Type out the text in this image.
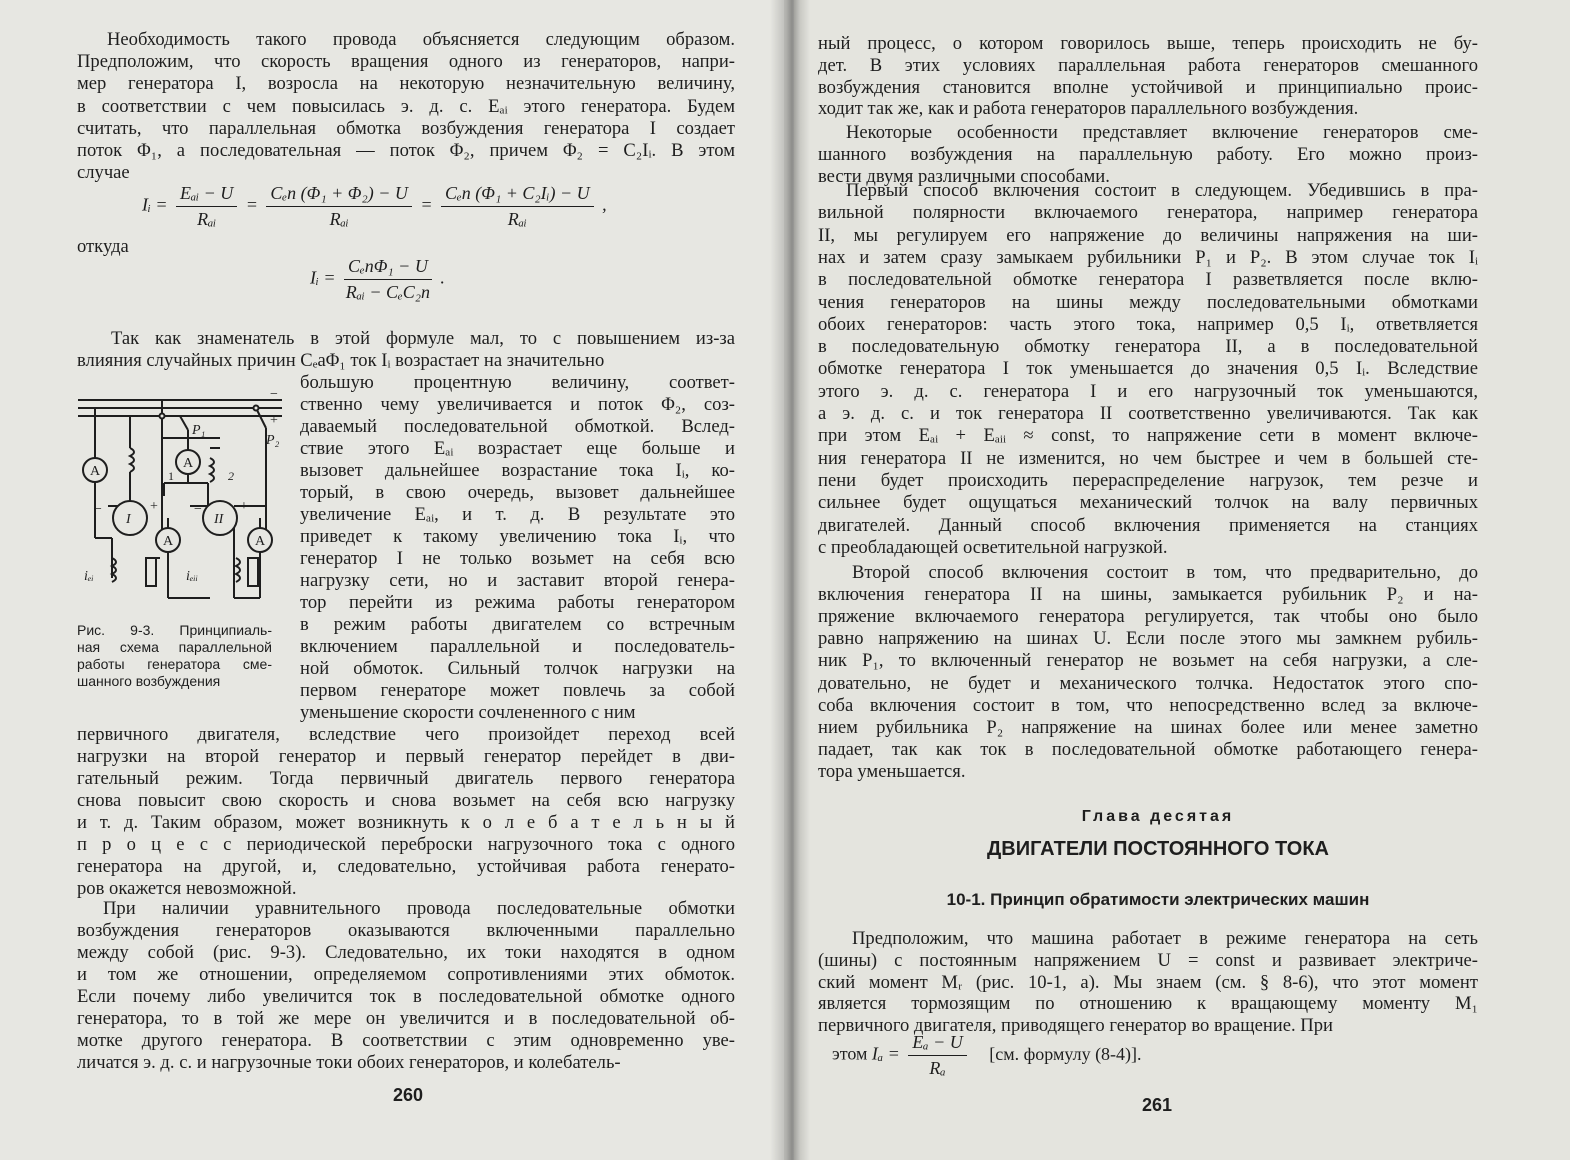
Iᵢ = $\frac{\text{Eₐᵢ − U}}{\text{Rₐᵢ}} = \frac{\text{Cₑn (Φ₁ + Φ₂) − U}}{\text{Rₐᵢ}} = \frac{\text{Cₑn (Φ₁ + C₂Iᵢ) − U}}{\text{Rₐᵢ}}$ ,
откуда
Iᵢ = $\frac{\text{CₑnΦ₁ − U}}{\text{Rₐᵢ − CₑC₂n}}$ .
−
+
P₁
P₂
A
A
A	A
I	II
1	2
−	+	−	+
iₑᵢ	iₑᵢᵢ
этом $I_a = \frac{\text{Eₐ − U}}{\text{Rₐ}} [см$. формулу (8-4)].
Глава десятая
ДВИГАТЕЛИ ПОСТОЯННОГО ТОКА
10-1. Принцип обратимости электрических машин
260	261
Необходимость такого провода объясняется следующим образом.
Предположим, что скорость вращения одного из генераторов, напри-
мер генератора I, возросла на некоторую незначительную величину,
в соответствии с чем повысилась э. д. с. Eₐᵢ этого генератора. Будем
считать, что параллельная обмотка возбуждения генератора I создает
поток Φ₁, а последовательная — поток Φ₂, причем Φ₂ = C₂Iᵢ. В этом
случае
Так как знаменатель в этой формуле мал, то с повышением из-за
влияния случайных причин CₑaΦ₁ ток Iᵢ возрастает на значительно
большую процентную величину, соответ-
ственно чему увеличивается и поток Φ₂, соз-
даваемый последовательной обмоткой. Вслед-
ствие этого Eₐᵢ возрастает еще больше и
вызовет дальнейшее возрастание тока Iᵢ, ко-
торый, в свою очередь, вызовет дальнейшее
увеличение Eₐᵢ, и т. д. В результате это
приведет к такому увеличению тока Iᵢ, что
генератор I не только возьмет на себя всю
нагрузку сети, но и заставит второй генера-
тор перейти из режима работы генератором
в режим работы двигателем со встречным
включением параллельной и последователь-
ной обмоток. Сильный толчок нагрузки на
первом генераторе может повлечь за собой
уменьшение скорости сочлененного с ним
первичного двигателя, вследствие чего произойдет переход всей
нагрузки на второй генератор и первый генератор перейдет в дви-
гательный режим. Тогда первичный двигатель первого генератора
снова повысит свою скорость и снова возьмет на себя всю нагрузку
и т. д. Таким образом, может возникнуть к о л е б а т е л ь н ы й
п р о ц е с с периодической переброски нагрузочного тока с одного
генератора на другой, и, следовательно, устойчивая работа генерато-
ров окажется невозможной.
При наличии уравнительного провода последовательные обмотки
возбуждения генераторов оказываются включенными параллельно
между собой (рис. 9-3). Следовательно, их токи находятся в одном
и том же отношении, определяемом сопротивлениями этих обмоток.
Если почему либо увеличится ток в последовательной обмотке одного
генератора, то в той же мере он увеличится и в последовательной об-
мотке другого генератора. В соответствии с этим одновременно уве-
личатся э. д. с. и нагрузочные токи обоих генераторов, и колебатель-
Рис. 9-3. Принципиаль-
ная схема параллельной
работы генератора сме-
шанного возбуждения
ный процесс, о котором говорилось выше, теперь происходить не бу-
дет. В этих условиях параллельная работа генераторов смешанного
возбуждения становится вполне устойчивой и принципиально проис-
ходит так же, как и работа генераторов параллельного возбуждения.
Некоторые особенности представляет включение генераторов сме-
шанного возбуждения на параллельную работу. Его можно произ-
вести двумя различными способами.
Первый способ включения состоит в следующем. Убедившись в пра-
вильной полярности включаемого генератора, например генератора
II, мы регулируем его напряжение до величины напряжения на ши-
нах и затем сразу замыкаем рубильники P₁ и P₂. В этом случае ток Iᵢ
в последовательной обмотке генератора I разветвляется после вклю-
чения генераторов на шины между последовательными обмотками
обоих генераторов: часть этого тока, например 0,5 Iᵢ, ответвляется
в последовательную обмотку генератора II, а в последовательной
обмотке генератора I ток уменьшается до значения 0,5 Iᵢ. Вследствие
этого э. д. с. генератора I и его нагрузочный ток уменьшаются,
а э. д. с. и ток генератора II соответственно увеличиваются. Так как
при этом Eₐᵢ + Eₐᵢᵢ ≈ const, то напряжение сети в момент включе-
ния генератора II не изменится, но чем быстрее и чем в большей сте-
пени будет происходить перераспределение нагрузок, тем резче и
сильнее будет ощущаться механический толчок на валу первичных
двигателей. Данный способ включения применяется на станциях
с преобладающей осветительной нагрузкой.
Второй способ включения состоит в том, что предварительно, до
включения генератора II на шины, замыкается рубильник P₂ и на-
пряжение включаемого генератора регулируется, так чтобы оно было
равно напряжению на шинах U. Если после этого мы замкнем рубиль-
ник P₁, то включенный генератор не возьмет на себя нагрузки, а сле-
довательно, не будет и механического толчка. Недостаток этого спо-
соба включения состоит в том, что непосредственно вслед за включе-
нием рубильника P₂ напряжение на шинах более или менее заметно
падает, так как ток в последовательной обмотке работающего генера-
тора уменьшается.
Предположим, что машина работает в режиме генератора на сеть
(шины) с постоянным напряжением U = const и развивает электриче-
ский момент Mᵣ (рис. 10-1, a). Мы знаем (см. § 8-6), что этот момент
является тормозящим по отношению к вращающему моменту M₁
первичного двигателя, приводящего генератор во вращение. При
